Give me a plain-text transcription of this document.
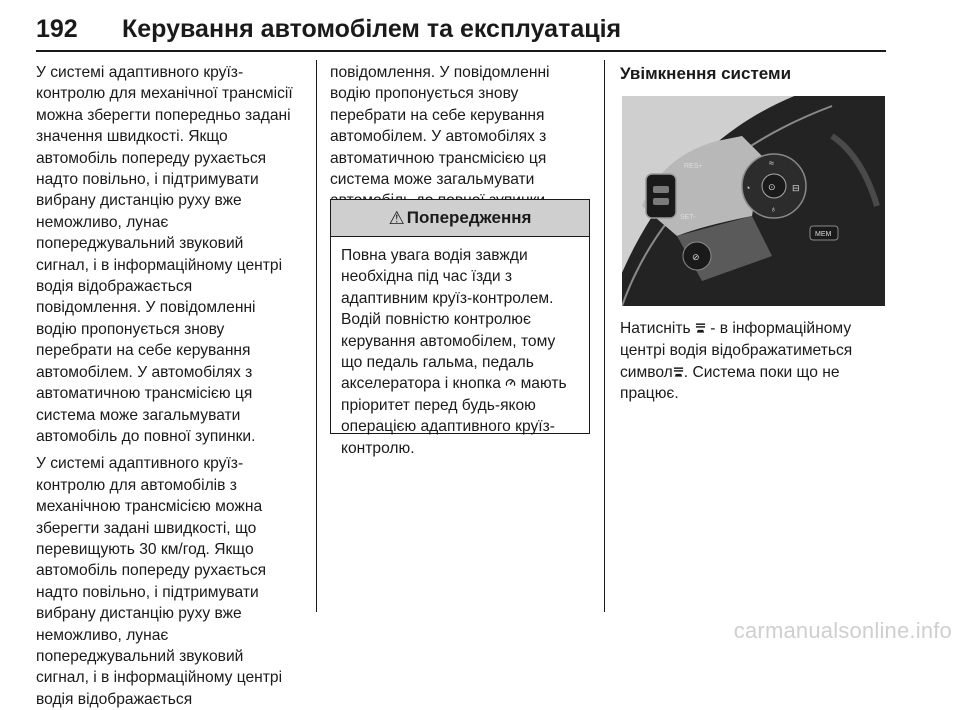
192 Керування автомобілем та експлуатація

У системі адаптивного круїз-
контролю для механічної трансмісії
можна зберегти попередньо задані
значення швидкості. Якщо
автомобіль попереду рухається
надто повільно, і підтримувати
вибрану дистанцію руху вже
неможливо, лунає
попереджувальний звуковий
сигнал, і в інформаційному центрі
водія відображається
повідомлення. У повідомленні
водію пропонується знову
перебрати на себе керування
автомобілем. У автомобілях з
автоматичною трансмісією ця
система може загальмувати
автомобіль до повної зупинки.

У системі адаптивного круїз-
контролю для автомобілів з
механічною трансмісією можна
зберегти задані швидкості, що
перевищують 30 км/год. Якщо
автомобіль попереду рухається
надто повільно, і підтримувати
вибрану дистанцію руху вже
неможливо, лунає
попереджувальний звуковий
сигнал, і в інформаційному центрі
водія відображається

повідомлення. У повідомленні
водію пропонується знову
перебрати на себе керування
автомобілем. У автомобілях з
автоматичною трансмісією ця
система може загальмувати

⚠ Попередження
Повна увага водія завжди
необхідна під час їзди з
адаптивним круїз-контролем.
Водій повністю контролює
керування автомобілем, тому
що педаль гальма, педаль
акселератора і кнопка  мають
пріоритет перед будь-якою
операцією адаптивного круїз-
контролю.
Увімкнення системи
RES+
SET-
⊙
≈
◔	⊟
♁
MEM
⊘
Натисніть  - в інформаційному
центрі водія відображатиметься
символ . Система поки що не
працює.
carmanualsonline.info
